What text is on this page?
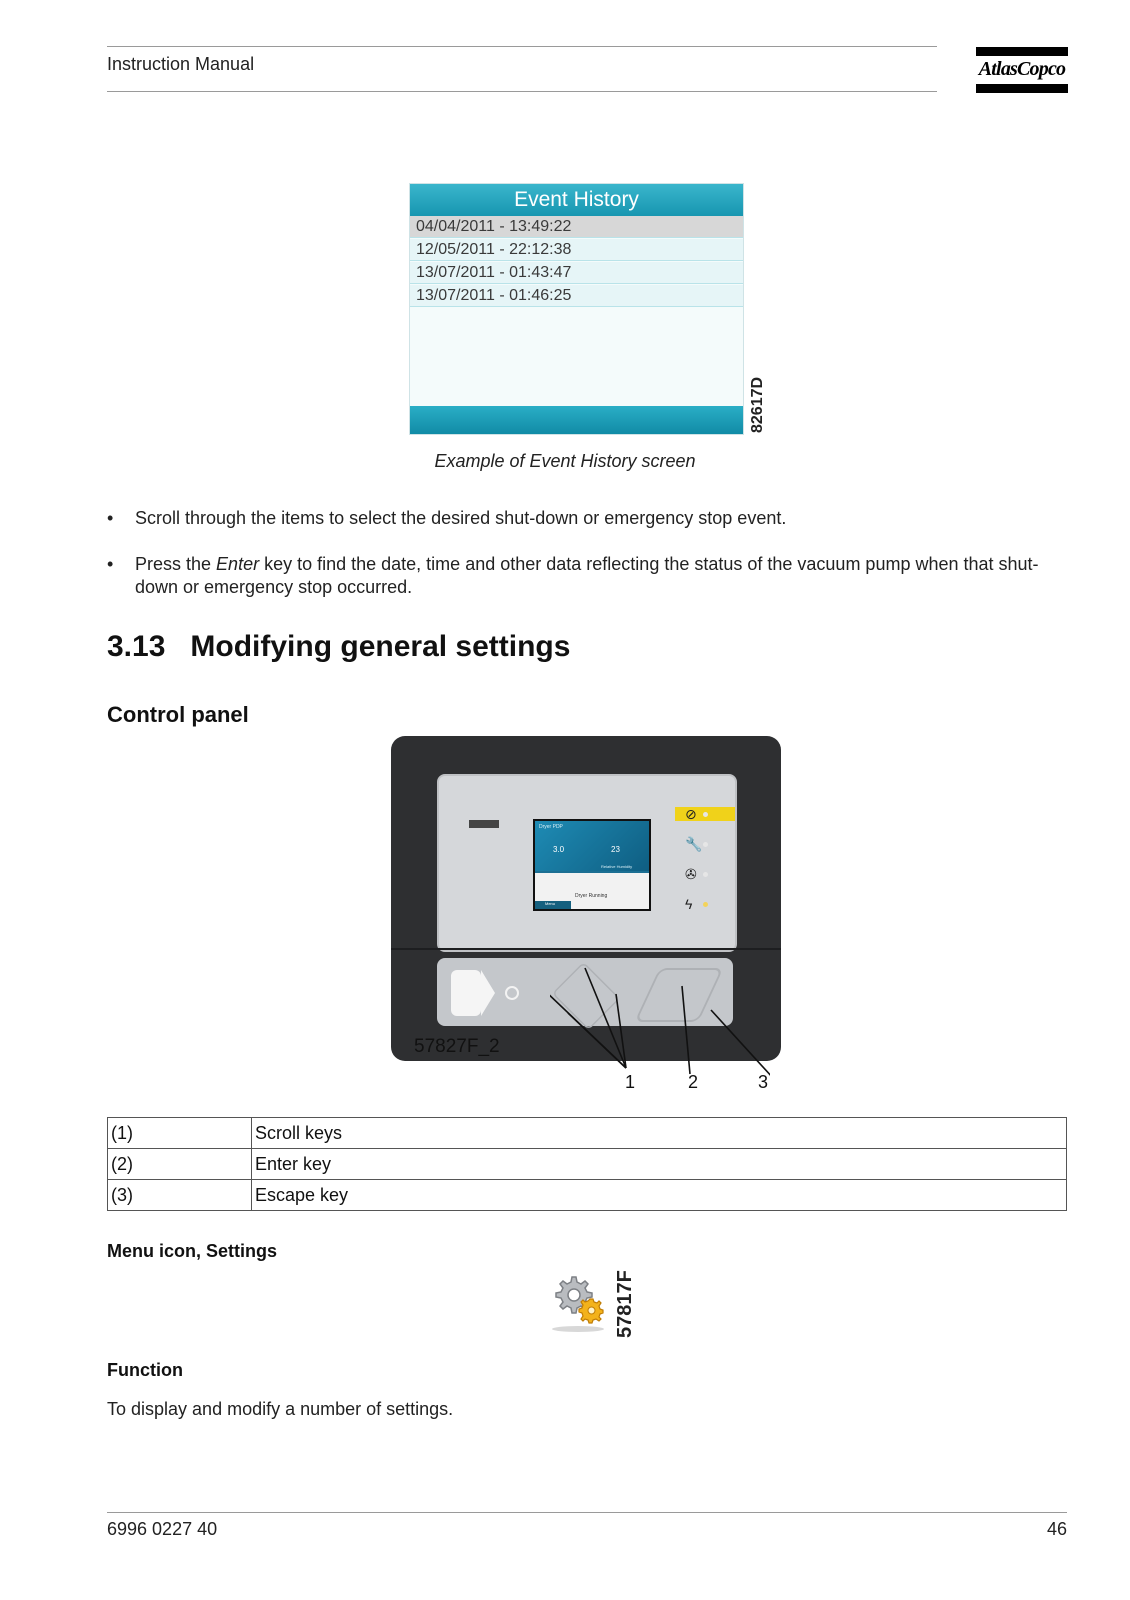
Instruction Manual	AtlasCopco
Event History
04/04/2011 - 13:49:22
12/05/2011 - 22:12:38
13/07/2011 - 01:43:47
13/07/2011 - 01:46:25
82617D
Example of Event History screen
• Scroll through the items to select the desired shut-down or emergency stop event.
• Press the Enter key to find the date, time and other data reflecting the status of the vacuum pump when that shut-down or emergency stop occurred.
3.13 Modifying general settings
Control panel
Dryer PDP
3.0	23
Relative Humidity
Dryer Running
Menu
⊘
🔧
✇
ϟ
57827F_2
1	2	3
(1)	Scroll keys
(2)	Enter key
(3)	Escape key
Menu icon, Settings
57817F
Function
To display and modify a number of settings.
6996 0227 40	46
